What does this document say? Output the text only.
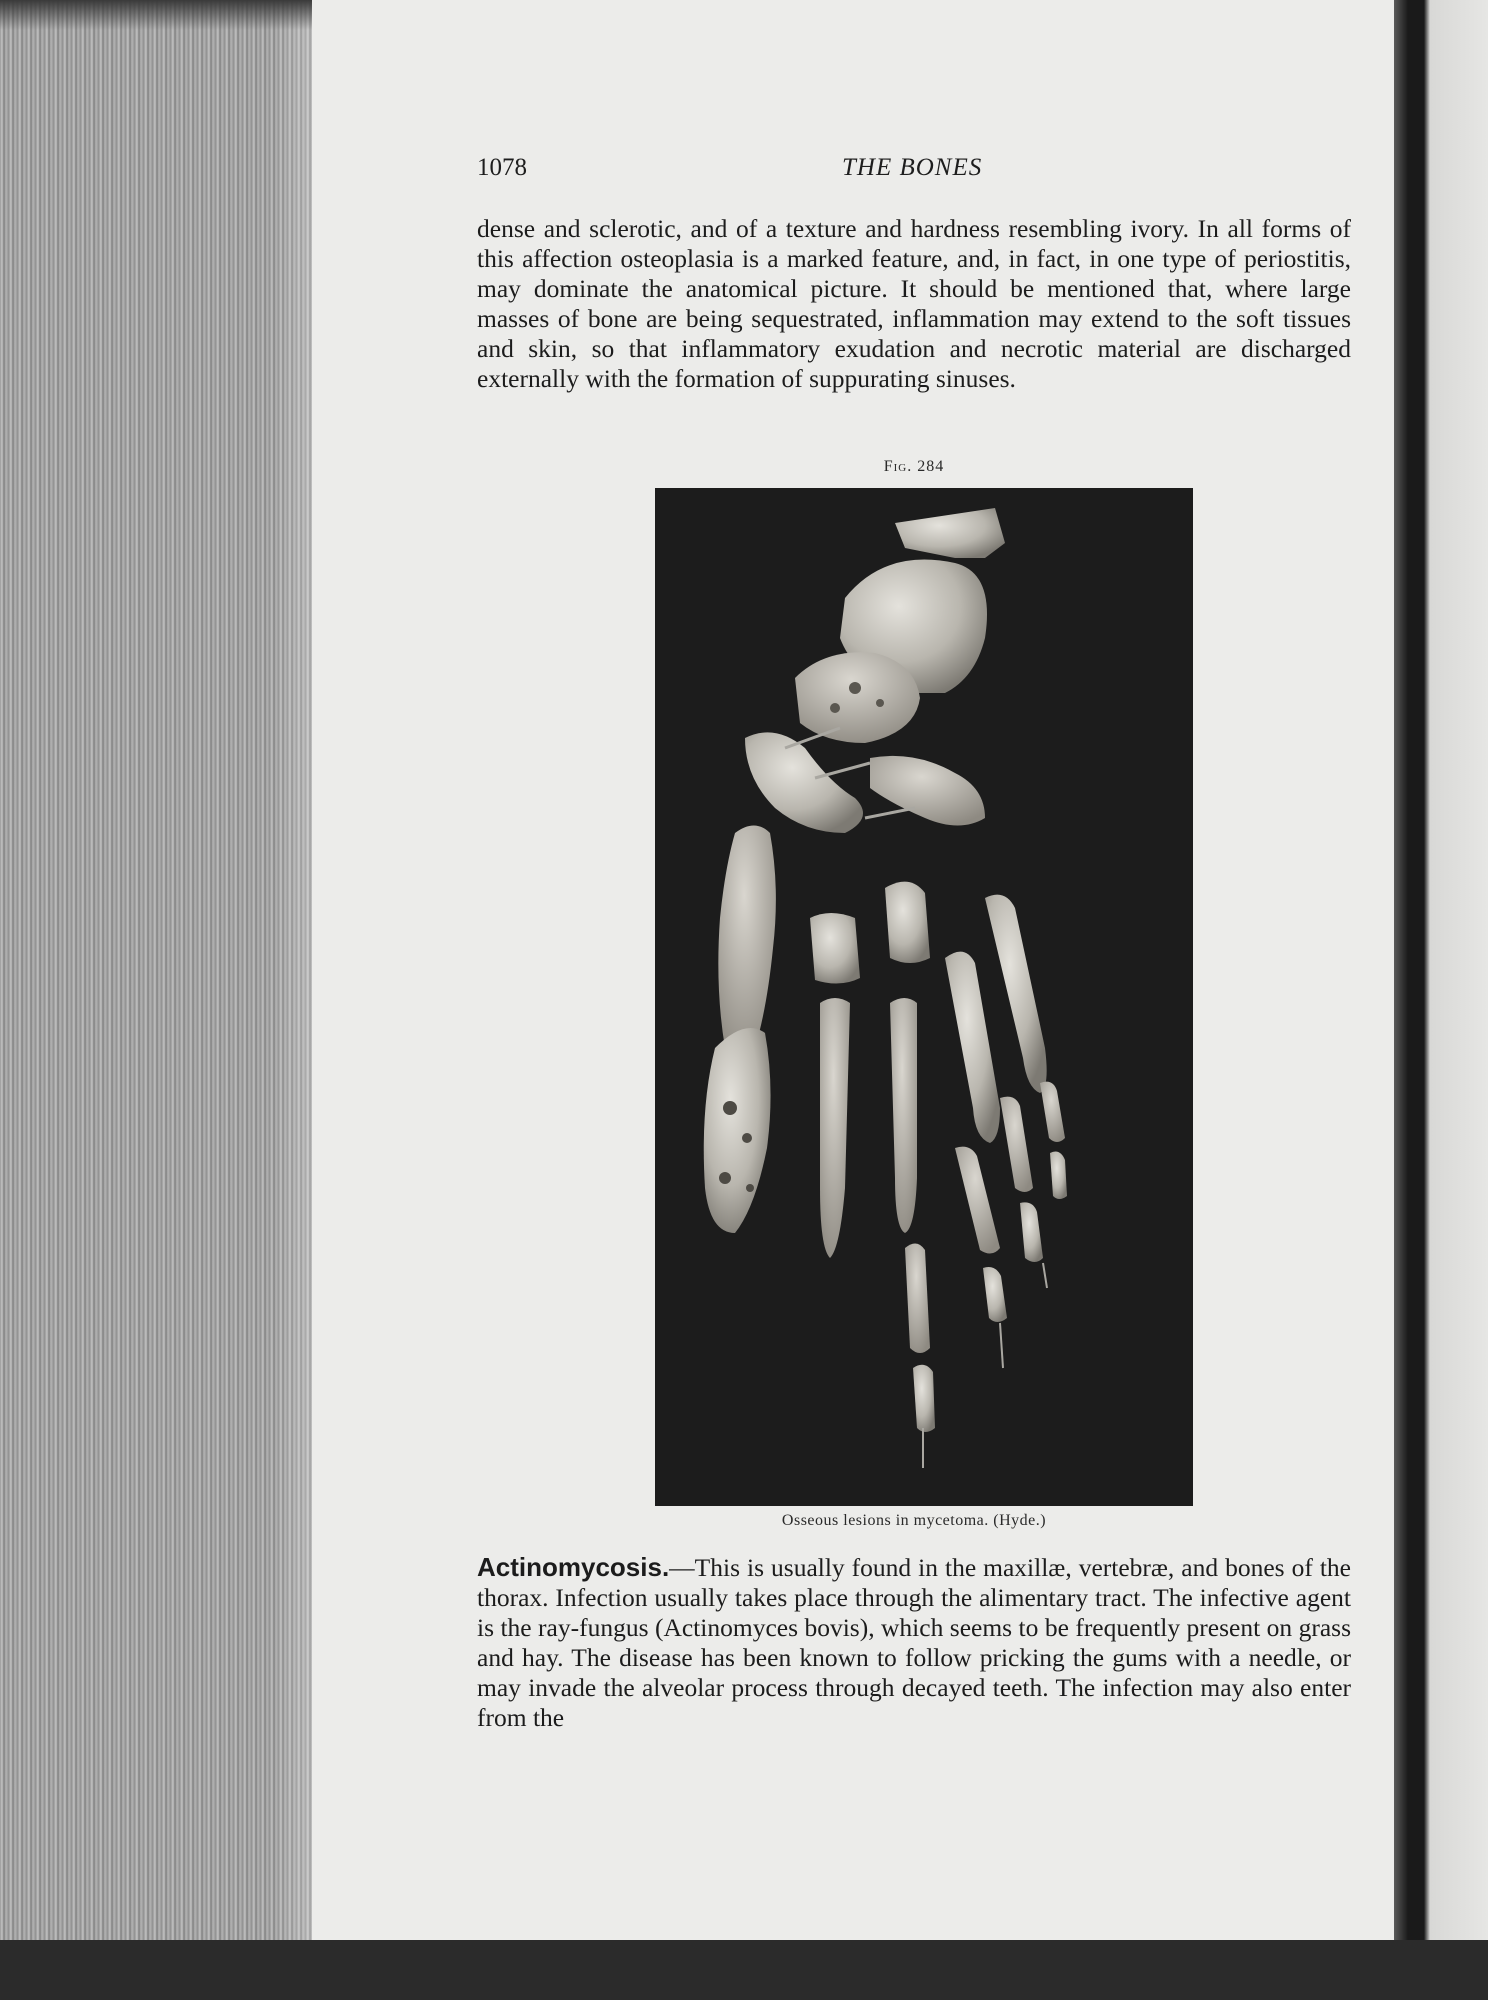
1078	THE BONES

dense and sclerotic, and of a texture and hardness resembling ivory. In all forms of this affection osteoplasia is a marked feature, and, in fact, in one type of periostitis, may dominate the anatomical picture. It should be mentioned that, where large masses of bone are being sequestrated, inflammation may extend to the soft tissues and skin, so that inflammatory exudation and necrotic material are discharged externally with the formation of suppurating sinuses.

Fig. 284
Osseous lesions in mycetoma. (Hyde.)

Actinomycosis.—This is usually found in the maxillæ, vertebræ, and bones of the thorax. Infection usually takes place through the alimentary tract. The infective agent is the ray-fungus (Actinomyces bovis), which seems to be frequently present on grass and hay. The disease has been known to follow pricking the gums with a needle, or may invade the alveolar process through decayed teeth. The infection may also enter from the
